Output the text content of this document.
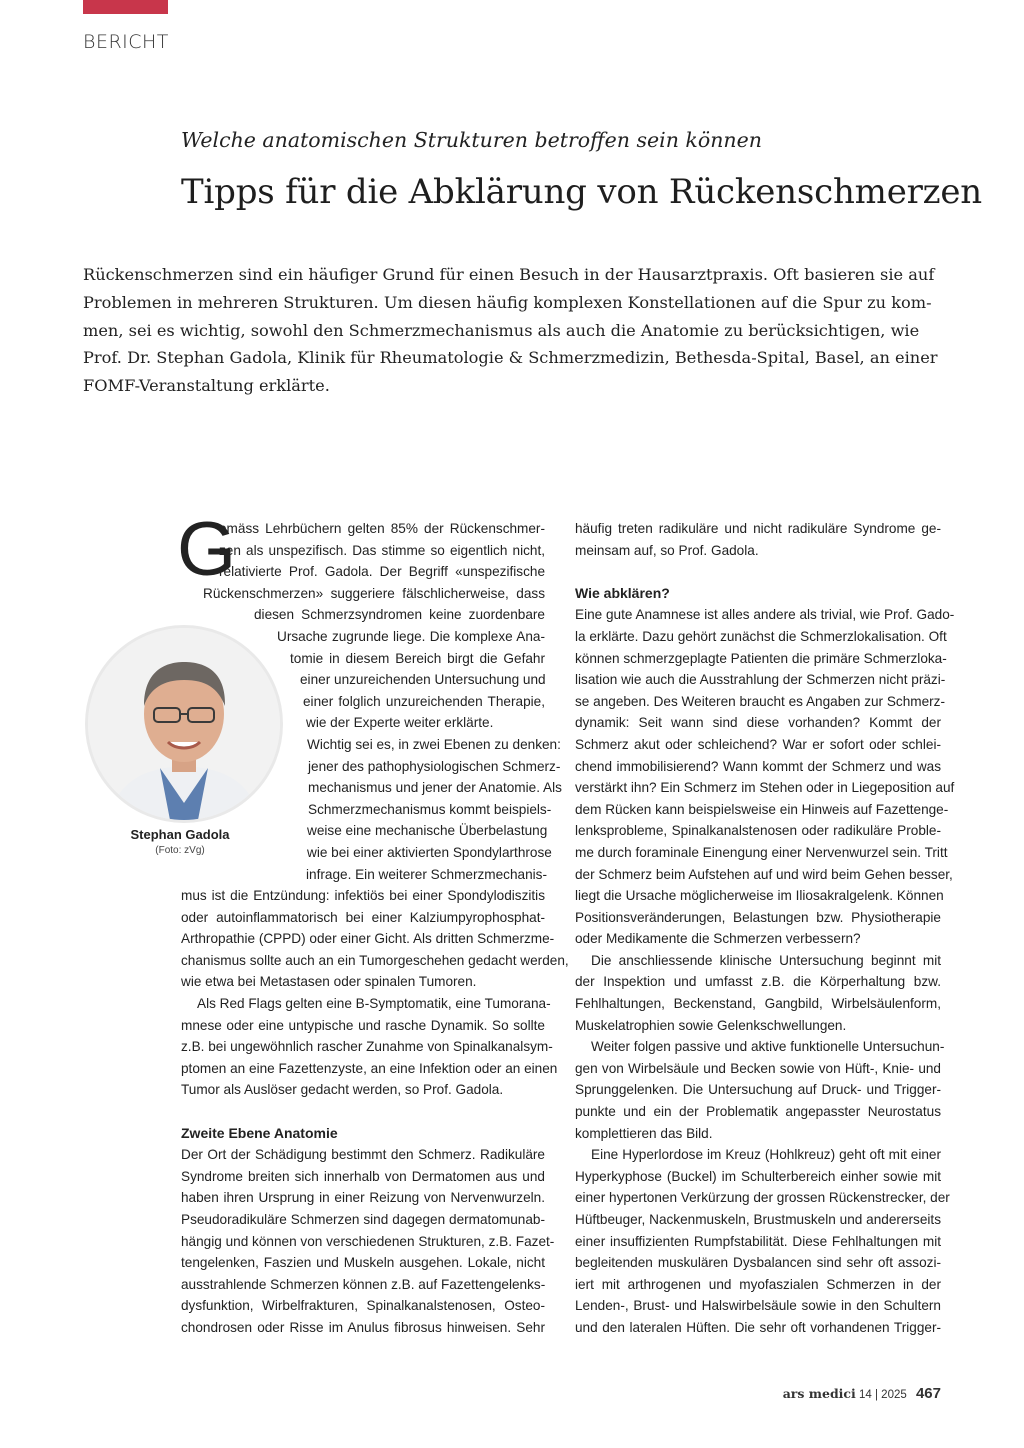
BERICHT
Welche anatomischen Strukturen betroffen sein können
Tipps für die Abklärung von Rückenschmerzen
Rückenschmerzen sind ein häufiger Grund für einen Besuch in der Hausarztpraxis. Oft basieren sie auf
Problemen in mehreren Strukturen. Um diesen häufig komplexen Konstellationen auf die Spur zu kom-
men, sei es wichtig, sowohl den Schmerzmechanismus als auch die Anatomie zu berücksichtigen, wie
Prof. Dr. Stephan Gadola, Klinik für Rheumatologie & Schmerzmedizin, Bethesda-Spital, Basel, an einer
FOMF-Veranstaltung erklärte.
G
Stephan Gadola
(Foto: zVg)
emäss Lehrbüchern gelten 85% der Rückenschmer-
zen als unspezifisch. Das stimme so eigentlich nicht,
relativierte Prof. Gadola. Der Begriff «unspezifische
Rückenschmerzen» suggeriere fälschlicherweise, dass
diesen Schmerzsyndromen keine zuordenbare
Ursache zugrunde liege. Die komplexe Ana-
tomie in diesem Bereich birgt die Gefahr
einer unzureichenden Untersuchung und
einer folglich unzureichenden Therapie,
wie der Experte weiter erklärte.
Wichtig sei es, in zwei Ebenen zu denken:
jener des pathophysiologischen Schmerz-
mechanismus und jener der Anatomie. Als
Schmerzmechanismus kommt beispiels-
weise eine mechanische Überbelastung
wie bei einer aktivierten Spondylarthrose
infrage. Ein weiterer Schmerzmechanis-
mus ist die Entzündung: infektiös bei einer Spondylodiszitis
oder autoinflammatorisch bei einer Kalziumpyrophosphat-
Arthropathie (CPPD) oder einer Gicht. Als dritten Schmerzme-
chanismus sollte auch an ein Tumorgeschehen gedacht werden,
wie etwa bei Metastasen oder spinalen Tumoren.
Als Red Flags gelten eine B-Symptomatik, eine Tumorana-
mnese oder eine untypische und rasche Dynamik. So sollte
z.B. bei ungewöhnlich rascher Zunahme von Spinalkanalsym-
ptomen an eine Fazettenzyste, an eine Infektion oder an einen
Tumor als Auslöser gedacht werden, so Prof. Gadola.
Zweite Ebene Anatomie
Der Ort der Schädigung bestimmt den Schmerz. Radikuläre
Syndrome breiten sich innerhalb von Dermatomen aus und
haben ihren Ursprung in einer Reizung von Nervenwurzeln.
Pseudoradikuläre Schmerzen sind dagegen dermatomunab-
hängig und können von verschiedenen Strukturen, z.B. Fazet-
tengelenken, Faszien und Muskeln ausgehen. Lokale, nicht
ausstrahlende Schmerzen können z.B. auf Fazettengelenks-
dysfunktion, Wirbelfrakturen, Spinalkanalstenosen, Osteo-
chondrosen oder Risse im Anulus fibrosus hinweisen. Sehr
häufig treten radikuläre und nicht radikuläre Syndrome ge-
meinsam auf, so Prof. Gadola.
Wie abklären?
Eine gute Anamnese ist alles andere als trivial, wie Prof. Gado-
la erklärte. Dazu gehört zunächst die Schmerzlokalisation. Oft
können schmerzgeplagte Patienten die primäre Schmerzloka-
lisation wie auch die Ausstrahlung der Schmerzen nicht präzi-
se angeben. Des Weiteren braucht es Angaben zur Schmerz-
dynamik: Seit wann sind diese vorhanden? Kommt der
Schmerz akut oder schleichend? War er sofort oder schlei-
chend immobilisierend? Wann kommt der Schmerz und was
verstärkt ihn? Ein Schmerz im Stehen oder in Liegeposition auf
dem Rücken kann beispielsweise ein Hinweis auf Fazettenge-
lenksprobleme, Spinalkanalstenosen oder radikuläre Proble-
me durch foraminale Einengung einer Nervenwurzel sein. Tritt
der Schmerz beim Aufstehen auf und wird beim Gehen besser,
liegt die Ursache möglicherweise im Iliosakralgelenk. Können
Positionsveränderungen, Belastungen bzw. Physiotherapie
oder Medikamente die Schmerzen verbessern?
Die anschliessende klinische Untersuchung beginnt mit
der Inspektion und umfasst z.B. die Körperhaltung bzw.
Fehlhaltungen, Beckenstand, Gangbild, Wirbelsäulenform,
Muskelatrophien sowie Gelenkschwellungen.
Weiter folgen passive und aktive funktionelle Untersuchun-
gen von Wirbelsäule und Becken sowie von Hüft-, Knie- und
Sprunggelenken. Die Untersuchung auf Druck- und Trigger-
punkte und ein der Problematik angepasster Neurostatus
komplettieren das Bild.
Eine Hyperlordose im Kreuz (Hohlkreuz) geht oft mit einer
Hyperkyphose (Buckel) im Schulterbereich einher sowie mit
einer hypertonen Verkürzung der grossen Rückenstrecker, der
Hüftbeuger, Nackenmuskeln, Brustmuskeln und andererseits
einer insuffizienten Rumpfstabilität. Diese Fehlhaltungen mit
begleitenden muskulären Dysbalancen sind sehr oft assozi-
iert mit arthrogenen und myofaszialen Schmerzen in der
Lenden-, Brust- und Halswirbelsäule sowie in den Schultern
und den lateralen Hüften. Die sehr oft vorhandenen Trigger-
ars medici 14 | 2025 467
